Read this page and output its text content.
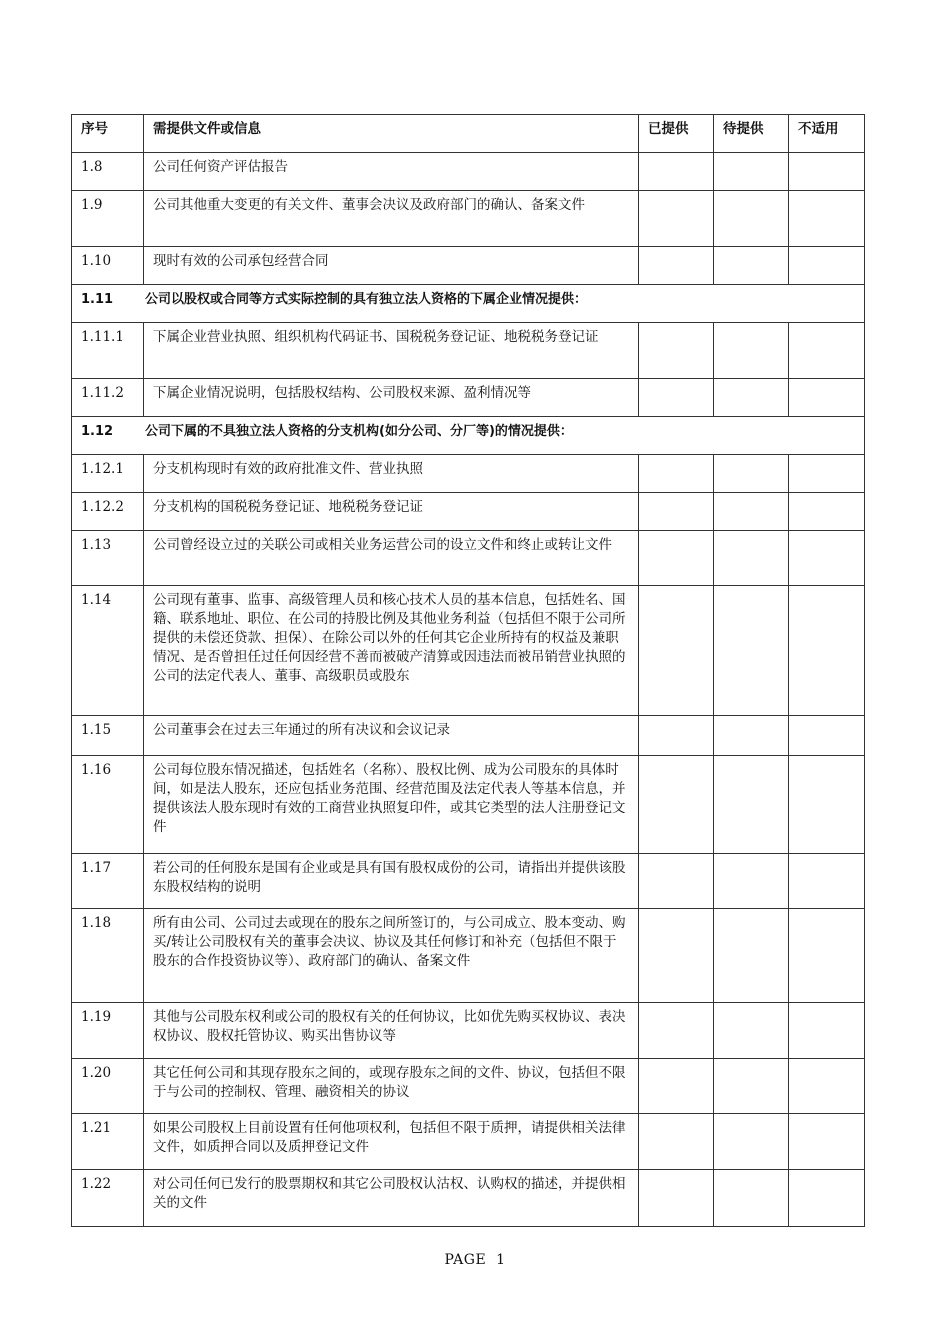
序号	需提供文件或信息	已提供	待提供	不适用
1.8	公司任何资产评估报告			
1.9	公司其他重大变更的有关文件、董事会决议及政府部门的确认、备案文件			
1.10	现时有效的公司承包经营合同			
1.11 公司以股权或合同等方式实际控制的具有独立法人资格的下属企业情况提供：				
1.11.1	下属企业营业执照、组织机构代码证书、国税税务登记证、地税税务登记证			
1.11.2	下属企业情况说明，包括股权结构、公司股权来源、盈利情况等			
1.12 公司下属的不具独立法人资格的分支机构(如分公司、分厂等)的情况提供：				
1.12.1	分支机构现时有效的政府批准文件、营业执照			
1.12.2	分支机构的国税税务登记证、地税税务登记证			
1.13	公司曾经设立过的关联公司或相关业务运营公司的设立文件和终止或转让文件			
1.14	公司现有董事、监事、高级管理人员和核心技术人员的基本信息，包括姓名、国籍、联系地址、职位、在公司的持股比例及其他业务利益（包括但不限于公司所提供的未偿还贷款、担保）、在除公司以外的任何其它企业所持有的权益及兼职情况、是否曾担任过任何因经营不善而被破产清算或因违法而被吊销营业执照的公司的法定代表人、董事、高级职员或股东			
1.15	公司董事会在过去三年通过的所有决议和会议记录			
1.16	公司每位股东情况描述，包括姓名（名称）、股权比例、成为公司股东的具体时间，如是法人股东，还应包括业务范围、经营范围及法定代表人等基本信息，并提供该法人股东现时有效的工商营业执照复印件，或其它类型的法人注册登记文件			
1.17	若公司的任何股东是国有企业或是具有国有股权成份的公司，请指出并提供该股东股权结构的说明			
1.18	所有由公司、公司过去或现在的股东之间所签订的，与公司成立、股本变动、购买/转让公司股权有关的董事会决议、协议及其任何修订和补充（包括但不限于股东的合作投资协议等）、政府部门的确认、备案文件			
1.19	其他与公司股东权利或公司的股权有关的任何协议，比如优先购买权协议、表决权协议、股权托管协议、购买出售协议等			
1.20	其它任何公司和其现存股东之间的，或现存股东之间的文件、协议，包括但不限于与公司的控制权、管理、融资相关的协议			
1.21	如果公司股权上目前设置有任何他项权利，包括但不限于质押，请提供相关法律文件，如质押合同以及质押登记文件			
1.22	对公司任何已发行的股票期权和其它公司股权认沽权、认购权的描述，并提供相关的文件			
PAGE  1
